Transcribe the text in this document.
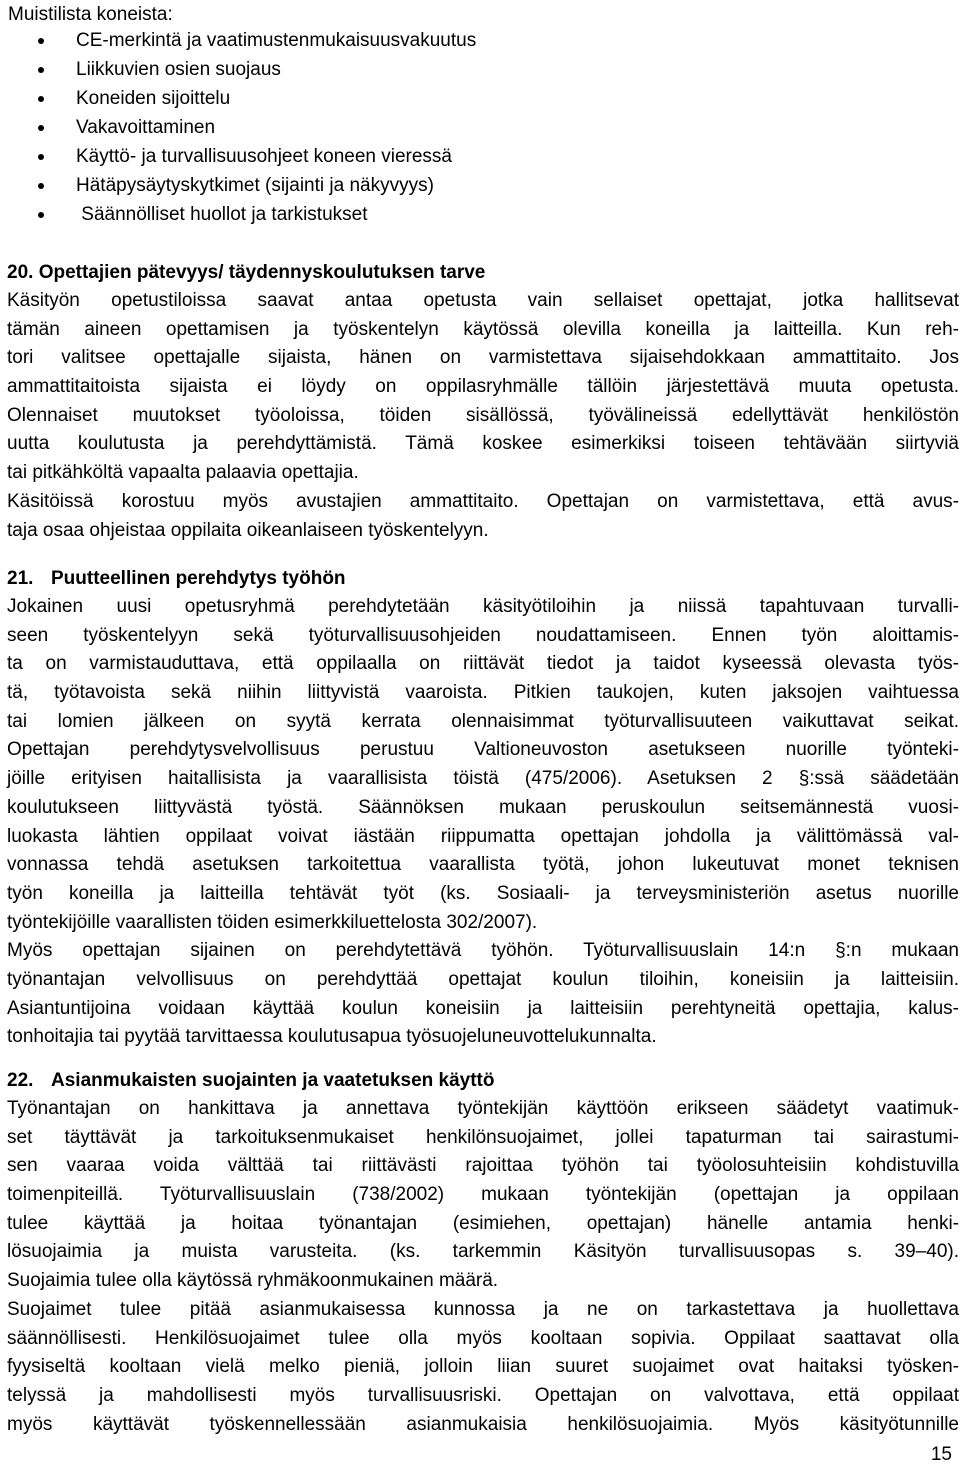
Muistilista koneista:
CE-merkintä ja vaatimustenmukaisuusvakuutus
Liikkuvien osien suojaus
Koneiden sijoittelu
Vakavoittaminen
Käyttö- ja turvallisuusohjeet koneen vieressä
Hätäpysäytyskytkimet (sijainti ja näkyvyys)
Säännölliset huollot ja tarkistukset
20. Opettajien pätevyys/ täydennyskoulutuksen tarve
Käsityön opetustiloissa saavat antaa opetusta vain sellaiset opettajat, jotka hallitsevat
tämän aineen opettamisen ja työskentelyn käytössä olevilla koneilla ja laitteilla. Kun reh-
tori valitsee opettajalle sijaista, hänen on varmistettava sijaisehdokkaan ammattitaito. Jos
ammattitaitoista sijaista ei löydy on oppilasryhmälle tällöin järjestettävä muuta opetusta.
Olennaiset muutokset työoloissa, töiden sisällössä, työvälineissä edellyttävät henkilöstön
uutta koulutusta ja perehdyttämistä. Tämä koskee esimerkiksi toiseen tehtävään siirtyviä
tai pitkähköltä vapaalta palaavia opettajia.
Käsitöissä korostuu myös avustajien ammattitaito. Opettajan on varmistettava, että avus-
taja osaa ohjeistaa oppilaita oikeanlaiseen työskentelyyn.
21. Puutteellinen perehdytys työhön
Jokainen uusi opetusryhmä perehdytetään käsityötiloihin ja niissä tapahtuvaan turvalli-
seen työskentelyyn sekä työturvallisuusohjeiden noudattamiseen. Ennen työn aloittamis-
ta on varmistauduttava, että oppilaalla on riittävät tiedot ja taidot kyseessä olevasta työs-
tä, työtavoista sekä niihin liittyvistä vaaroista. Pitkien taukojen, kuten jaksojen vaihtuessa
tai lomien jälkeen on syytä kerrata olennaisimmat työturvallisuuteen vaikuttavat seikat.
Opettajan perehdytysvelvollisuus perustuu Valtioneuvoston asetukseen nuorille työnteki-
jöille erityisen haitallisista ja vaarallisista töistä (475/2006). Asetuksen 2 §:ssä säädetään
koulutukseen liittyvästä työstä. Säännöksen mukaan peruskoulun seitsemännestä vuosi-
luokasta lähtien oppilaat voivat iästään riippumatta opettajan johdolla ja välittömässä val-
vonnassa tehdä asetuksen tarkoitettua vaarallista työtä, johon lukeutuvat monet teknisen
työn koneilla ja laitteilla tehtävät työt (ks. Sosiaali- ja terveysministeriön asetus nuorille
työntekijöille vaarallisten töiden esimerkkiluettelosta 302/2007).
Myös opettajan sijainen on perehdytettävä työhön. Työturvallisuuslain 14:n §:n mukaan
työnantajan velvollisuus on perehdyttää opettajat koulun tiloihin, koneisiin ja laitteisiin.
Asiantuntijoina voidaan käyttää koulun koneisiin ja laitteisiin perehtyneitä opettajia, kalus-
tonhoitajia tai pyytää tarvittaessa koulutusapua työsuojeluneuvottelukunnalta.
22. Asianmukaisten suojainten ja vaatetuksen käyttö
Työnantajan on hankittava ja annettava työntekijän käyttöön erikseen säädetyt vaatimuk-
set täyttävät ja tarkoituksenmukaiset henkilönsuojaimet, jollei tapaturman tai sairastumi-
sen vaaraa voida välttää tai riittävästi rajoittaa työhön tai työolosuhteisiin kohdistuvilla
toimenpiteillä. Työturvallisuuslain (738/2002) mukaan työntekijän (opettajan ja oppilaan
tulee käyttää ja hoitaa työnantajan (esimiehen, opettajan) hänelle antamia henki-
lösuojaimia ja muista varusteita. (ks. tarkemmin Käsityön turvallisuusopas s. 39–40).
Suojaimia tulee olla käytössä ryhmäkoonmukainen määrä.
Suojaimet tulee pitää asianmukaisessa kunnossa ja ne on tarkastettava ja huollettava
säännöllisesti. Henkilösuojaimet tulee olla myös kooltaan sopivia. Oppilaat saattavat olla
fyysiseltä kooltaan vielä melko pieniä, jolloin liian suuret suojaimet ovat haitaksi työsken-
telyssä ja mahdollisesti myös turvallisuusriski. Opettajan on valvottava, että oppilaat
myös käyttävät työskennellessään asianmukaisia henkilösuojaimia. Myös käsityötunnille
15
